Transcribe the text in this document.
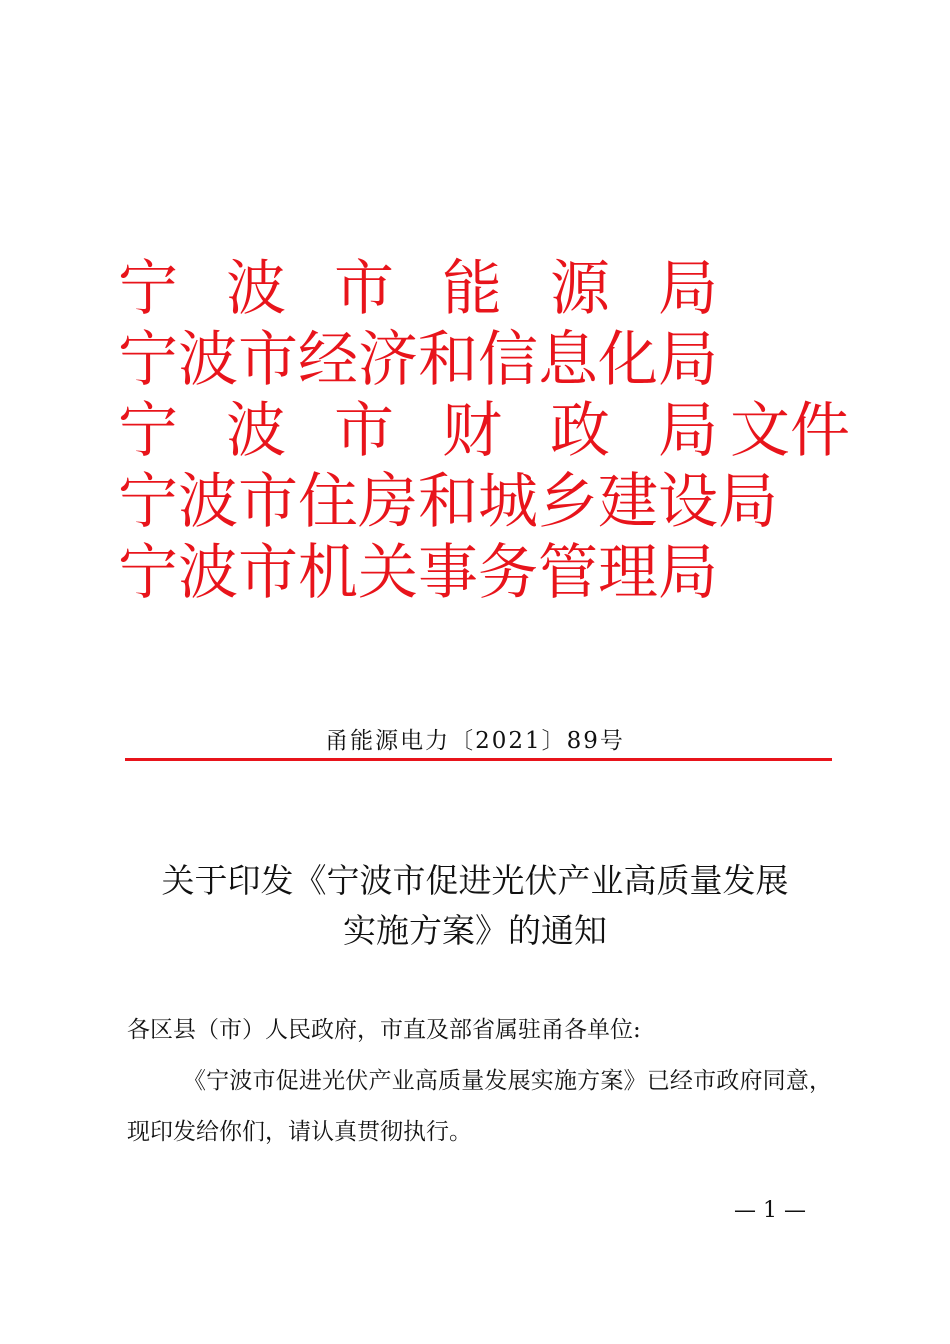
宁 波 市 能 源 局
宁 波 市 经 济 和 信 息 化 局
宁 波 市 财 政 局 文件
宁 波 市 住 房 和 城 乡 建 设 局
宁 波 市 机 关 事 务 管 理 局
甬能源电力〔2021〕89号
关于印发《宁波市促进光伏产业高质量发展
实施方案》的通知

各区县（市）人民政府，市直及部省属驻甬各单位:

《宁波市促进光伏产业高质量发展实施方案》已经市政府同意，现印发给你们，请认真贯彻执行。

— 1 —
